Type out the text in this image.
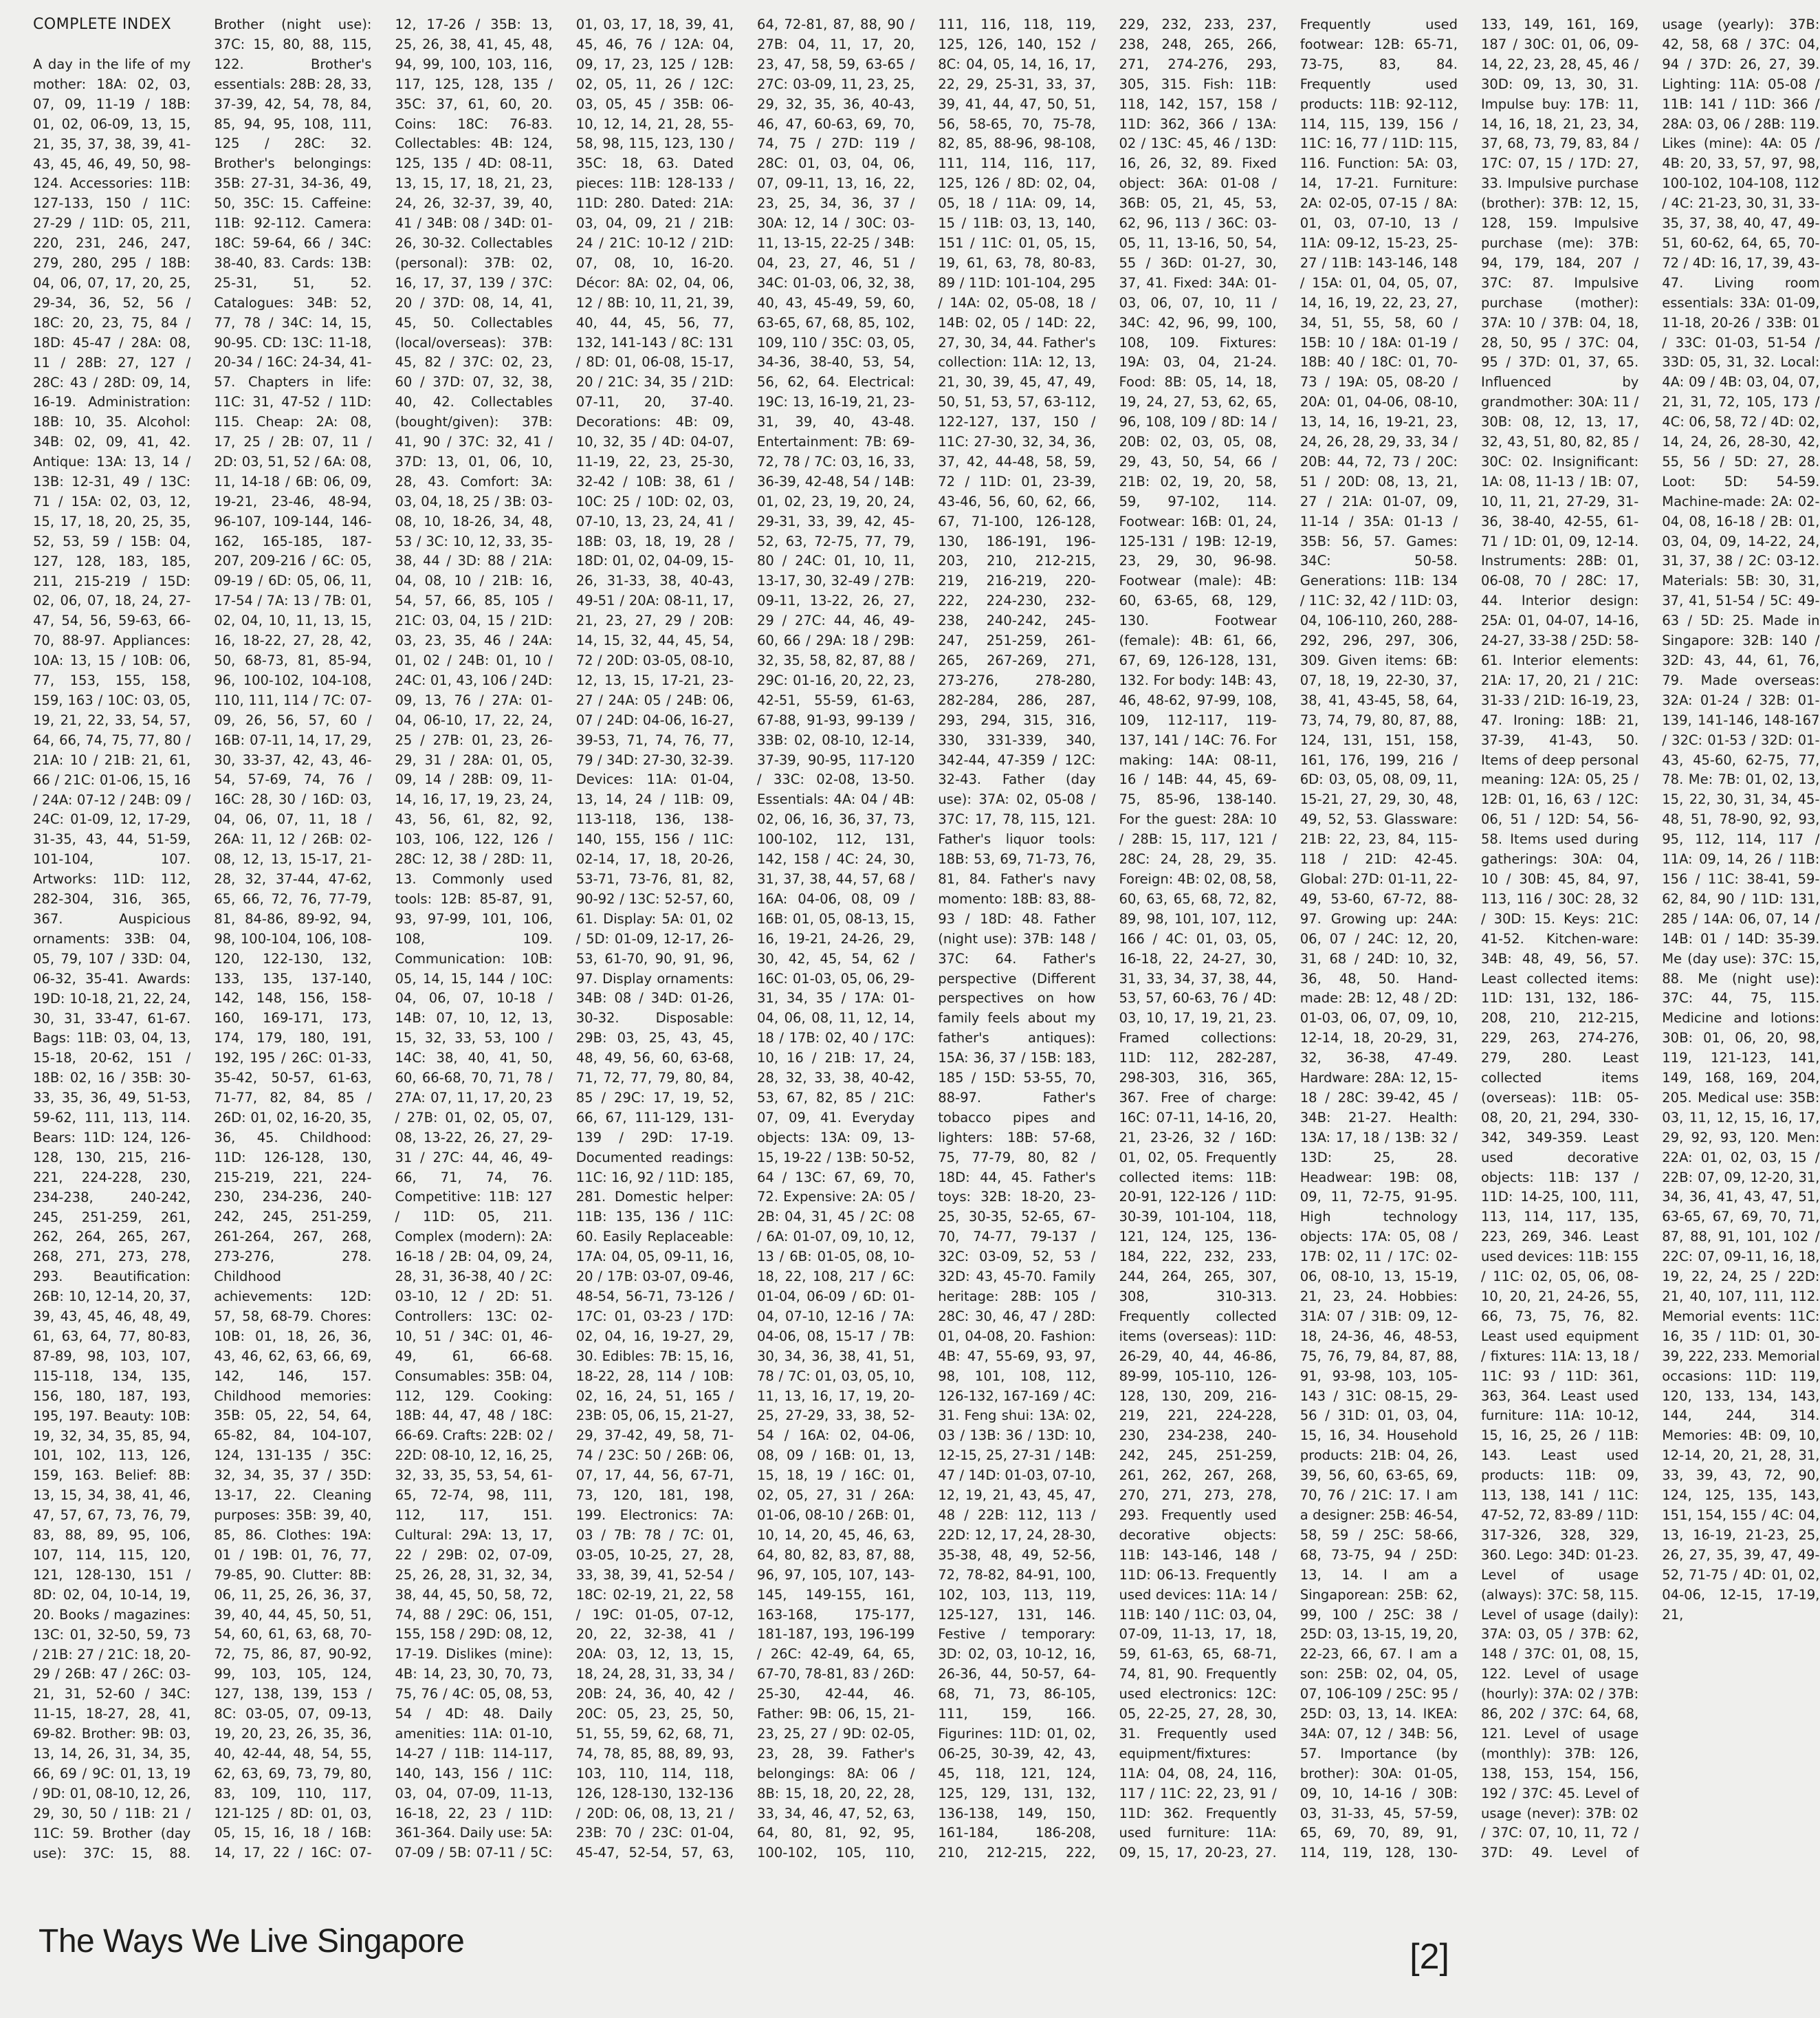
COMPLETE INDEX
A day in the life of my mother: 18A: 02, 03, 07, 09, 11-19 / 18B: 01, 02, 06-09, 13, 15, 21, 35, 37, 38, 39, 41-43, 45, 46, 49, 50, 98-124. Accessories: 11B: 127-133, 150 / 11C: 27-29 / 11D: 05, 211, 220, 231, 246, 247, 279, 280, 295 / 18B: 04, 06, 07, 17, 20, 25, 29-34, 36, 52, 56 / 18C: 20, 23, 75, 84 / 18D: 45-47 / 28A: 08, 11 / 28B: 27, 127 / 28C: 43 / 28D: 09, 14, 16-19. Administration: 18B: 10, 35. Alcohol: 34B: 02, 09, 41, 42. Antique: 13A: 13, 14 / 13B: 12-31, 49 / 13C: 71 / 15A: 02, 03, 12, 15, 17, 18, 20, 25, 35, 52, 53, 59 / 15B: 04, 127, 128, 183, 185, 211, 215-219 / 15D: 02, 06, 07, 18, 24, 27-47, 54, 56, 59-63, 66-70, 88-97. Appliances: 10A: 13, 15 / 10B: 06, 77, 153, 155, 158, 159, 163 / 10C: 03, 05, 19, 21, 22, 33, 54, 57, 64, 66, 74, 75, 77, 80 / 21A: 10 / 21B: 21, 61, 66 / 21C: 01-06, 15, 16 / 24A: 07-12 / 24B: 09 / 24C: 01-09, 12, 17-29, 31-35, 43, 44, 51-59, 101-104, 107. Artworks: 11D: 112, 282-304, 316, 365, 367. Auspicious ornaments: 33B: 04, 05, 79, 107 / 33D: 04, 06-32, 35-41. Awards: 19D: 10-18, 21, 22, 24, 30, 31, 33-47, 61-67. Bags: 11B: 03, 04, 13, 15-18, 20-62, 151 / 18B: 02, 16 / 35B: 30-33, 35, 36, 49, 51-53, 59-62, 111, 113, 114. Bears: 11D: 124, 126-128, 130, 215, 216-221, 224-228, 230, 234-238, 240-242, 245, 251-259, 261, 262, 264, 265, 267, 268, 271, 273, 278, 293. Beautification: 26B: 10, 12-14, 20, 37, 39, 43, 45, 46, 48, 49, 61, 63, 64, 77, 80-83, 87-89, 98, 103, 107, 115-118, 134, 135, 156, 180, 187, 193, 195, 197. Beauty: 10B: 19, 32, 34, 35, 85, 94, 101, 102, 113, 126, 159, 163. Belief: 8B: 13, 15, 34, 38, 41, 46, 47, 57, 67, 73, 76, 79, 83, 88, 89, 95, 106, 107, 114, 115, 120, 121, 128-130, 151 / 8D: 02, 04, 10-14, 19, 20. Books / magazines: 13C: 01, 32-50, 59, 73 / 21B: 27 / 21C: 18, 20-29 / 26B: 47 / 26C: 03-21, 31, 52-60 / 34C: 11-15, 18-27, 28, 41, 69-82. Brother: 9B: 03, 13, 14, 26, 31, 34, 35, 66, 69 / 9C: 01, 13, 19 / 9D: 01, 08-10, 12, 26, 29, 30, 50 / 11B: 21 / 11C: 59. Brother (day use): 37C: 15, 88. Brother (night use): 37C: 15, 80, 88, 115, 122. Brother's essentials: 28B: 28, 33, 37-39, 42, 54, 78, 84, 85, 94, 95, 108, 111, 125 / 28C: 32. Brother's belongings: 35B: 27-31, 34-36, 49, 50, 35C: 15. Caffeine: 11B: 92-112. Camera: 18C: 59-64, 66 / 34C: 38-40, 83. Cards: 13B: 25-31, 51, 52. Catalogues: 34B: 52, 77, 78 / 34C: 14, 15, 90-95. CD: 13C: 11-18, 20-34 / 16C: 24-34, 41-57. Chapters in life: 11C: 31, 47-52 / 11D: 115. Cheap: 2A: 08, 17, 25 / 2B: 07, 11 / 2D: 03, 51, 52 / 6A: 08, 11, 14-18 / 6B: 06, 09, 19-21, 23-46, 48-94, 96-107, 109-144, 146-162, 165-185, 187-207, 209-216 / 6C: 05, 09-19 / 6D: 05, 06, 11, 17-54 / 7A: 13 / 7B: 01, 02, 04, 10, 11, 13, 15, 16, 18-22, 27, 28, 42, 50, 68-73, 81, 85-94, 96, 100-102, 104-108, 110, 111, 114 / 7C: 07-09, 26, 56, 57, 60 / 16B: 07-11, 14, 17, 29, 30, 33-37, 42, 43, 46-54, 57-69, 74, 76 / 16C: 28, 30 / 16D: 03, 04, 06, 07, 11, 18 / 26A: 11, 12 / 26B: 02-08, 12, 13, 15-17, 21-28, 32, 37-44, 47-62, 65, 66, 72, 76, 77-79, 81, 84-86, 89-92, 94, 98, 100-104, 106, 108-120, 122-130, 132, 133, 135, 137-140, 142, 148, 156, 158-160, 169-171, 173, 174, 179, 180, 191, 192, 195 / 26C: 01-33, 35-42, 50-57, 61-63, 71-77, 82, 84, 85 / 26D: 01, 02, 16-20, 35, 36, 45. Childhood: 11D: 126-128, 130, 215-219, 221, 224-230, 234-236, 240-242, 245, 251-259, 261-264, 267, 268, 273-276, 278. Childhood achievements: 12D: 57, 58, 68-79. Chores: 10B: 01, 18, 26, 36, 43, 46, 62, 63, 66, 69, 142, 146, 157. Childhood memories: 35B: 05, 22, 54, 64, 65-82, 84, 104-107, 124, 131-135 / 35C: 32, 34, 35, 37 / 35D: 13-17, 22. Cleaning purposes: 35B: 39, 40, 85, 86. Clothes: 19A: 01 / 19B: 01, 76, 77, 79-85, 90. Clutter: 8B: 06, 11, 25, 26, 36, 37, 39, 40, 44, 45, 50, 51, 54, 60, 61, 63, 68, 70-72, 75, 86, 87, 90-92, 99, 103, 105, 124, 127, 138, 139, 153 / 8C: 03-05, 07, 09-13, 19, 20, 23, 26, 35, 36, 40, 42-44, 48, 54, 55, 62, 63, 69, 73, 79, 80, 83, 109, 110, 117, 121-125 / 8D: 01, 03, 05, 15, 16, 18 / 16B: 14, 17, 22 / 16C: 07-12, 17-26 / 35B: 13, 25, 26, 38, 41, 45, 48, 94, 99, 100, 103, 116, 117, 125, 128, 135 / 35C: 37, 61, 60, 20. Coins: 18C: 76-83. Collectables: 4B: 124, 125, 135 / 4D: 08-11, 13, 15, 17, 18, 21, 23, 24, 26, 32-37, 39, 40, 41 / 34B: 08 / 34D: 01-26, 30-32. Collectables (personal): 37B: 02, 16, 17, 37, 139 / 37C: 20 / 37D: 08, 14, 41, 45, 50. Collectables (local/overseas): 37B: 45, 82 / 37C: 02, 23, 60 / 37D: 07, 32, 38, 40, 42. Collectables (bought/given): 37B: 41, 90 / 37C: 32, 41 / 37D: 13, 01, 06, 10, 28, 43. Comfort: 3A: 03, 04, 18, 25 / 3B: 03-08, 10, 18-26, 34, 48, 53 / 3C: 10, 12, 33, 35-38, 44 / 3D: 88 / 21A: 04, 08, 10 / 21B: 16, 54, 57, 66, 85, 105 / 21C: 03, 04, 15 / 21D: 03, 23, 35, 46 / 24A: 01, 02 / 24B: 01, 10 / 24C: 01, 43, 106 / 24D: 09, 13, 76 / 27A: 01-04, 06-10, 17, 22, 24, 25 / 27B: 01, 23, 26-29, 31 / 28A: 01, 05, 09, 14 / 28B: 09, 11-14, 16, 17, 19, 23, 24, 43, 56, 61, 82, 92, 103, 106, 122, 126 / 28C: 12, 38 / 28D: 11, 13. Commonly used tools: 12B: 85-87, 91, 93, 97-99, 101, 106, 108, 109. Communication: 10B: 05, 14, 15, 144 / 10C: 04, 06, 07, 10-18 / 14B: 07, 10, 12, 13, 15, 32, 33, 53, 100 / 14C: 38, 40, 41, 50, 60, 66-68, 70, 71, 78 / 27A: 07, 11, 17, 20, 23 / 27B: 01, 02, 05, 07, 08, 13-22, 26, 27, 29-31 / 27C: 44, 46, 49-66, 71, 74, 76. Competitive: 11B: 127 / 11D: 05, 211. Complex (modern): 2A: 16-18 / 2B: 04, 09, 24, 28, 31, 36-38, 40 / 2C: 03-10, 12 / 2D: 51. Controllers: 13C: 02-10, 51 / 34C: 01, 46-49, 61, 66-68. Consumables: 35B: 04, 112, 129. Cooking: 18B: 44, 47, 48 / 18C: 66-69. Crafts: 22B: 02 / 22D: 08-10, 12, 16, 25, 32, 33, 35, 53, 54, 61-65, 72-74, 98, 111, 112, 117, 151. Cultural: 29A: 13, 17, 22 / 29B: 02, 07-09, 25, 26, 28, 31, 32, 34, 38, 44, 45, 50, 58, 72, 74, 88 / 29C: 06, 151, 155, 158 / 29D: 08, 12, 17-19. Dislikes (mine): 4B: 14, 23, 30, 70, 73, 75, 76 / 4C: 05, 08, 53, 54 / 4D: 48. Daily amenities: 11A: 01-10, 14-27 / 11B: 114-117, 140, 143, 156 / 11C: 03, 04, 07-09, 11-13, 16-18, 22, 23 / 11D: 361-364. Daily use: 5A: 07-09 / 5B: 07-11 / 5C: 01, 03, 17, 18, 39, 41, 45, 46, 76 / 12A: 04, 09, 17, 23, 125 / 12B: 02, 05, 11, 26 / 12C: 03, 05, 45 / 35B: 06-10, 12, 14, 21, 28, 55-58, 98, 115, 123, 130 / 35C: 18, 63. Dated pieces: 11B: 128-133 / 11D: 280. Dated: 21A: 03, 04, 09, 21 / 21B: 24 / 21C: 10-12 / 21D: 07, 08, 10, 16-20. Décor: 8A: 02, 04, 06, 12 / 8B: 10, 11, 21, 39, 40, 44, 45, 56, 77, 132, 141-143 / 8C: 131 / 8D: 01, 06-08, 15-17, 20 / 21C: 34, 35 / 21D: 07-11, 20, 37-40. Decorations: 4B: 09, 10, 32, 35 / 4D: 04-07, 11-19, 22, 23, 25-30, 32-42 / 10B: 38, 61 / 10C: 25 / 10D: 02, 03, 07-10, 13, 23, 24, 41 / 18B: 03, 18, 19, 28 / 18D: 01, 02, 04-09, 15-26, 31-33, 38, 40-43, 49-51 / 20A: 08-11, 17, 21, 23, 27, 29 / 20B: 14, 15, 32, 44, 45, 54, 72 / 20D: 03-05, 08-10, 12, 13, 15, 17-21, 23-27 / 24A: 05 / 24B: 06, 07 / 24D: 04-06, 16-27, 39-53, 71, 74, 76, 77, 79 / 34D: 27-30, 32-39. Devices: 11A: 01-04, 13, 14, 24 / 11B: 09, 113-118, 136, 138-140, 155, 156 / 11C: 02-14, 17, 18, 20-26, 53-71, 73-76, 81, 82, 90-92 / 13C: 52-57, 60, 61. Display: 5A: 01, 02 / 5D: 01-09, 12-17, 26-53, 61-70, 90, 91, 96, 97. Display ornaments: 34B: 08 / 34D: 01-26, 30-32. Disposable: 29B: 03, 25, 43, 45, 48, 49, 56, 60, 63-68, 71, 72, 77, 79, 80, 84, 85 / 29C: 17, 19, 52, 66, 67, 111-129, 131-139 / 29D: 17-19. Documented readings: 11C: 16, 92 / 11D: 185, 281. Domestic helper: 11B: 135, 136 / 11C: 60. Easily Replaceable: 17A: 04, 05, 09-11, 16, 20 / 17B: 03-07, 09-46, 48-54, 56-71, 73-126 / 17C: 01, 03-23 / 17D: 02, 04, 16, 19-27, 29, 30. Edibles: 7B: 15, 16, 18-22, 28, 114 / 10B: 02, 16, 24, 51, 165 / 23B: 05, 06, 15, 21-27, 29, 37-42, 49, 58, 71-74 / 23C: 50 / 26B: 06, 07, 17, 44, 56, 67-71, 73, 120, 181, 198, 199. Electronics: 7A: 03 / 7B: 78 / 7C: 01, 03-05, 10-25, 27, 28, 33, 38, 39, 41, 52-54 / 18C: 02-19, 21, 22, 58 / 19C: 01-05, 07-12, 20, 22, 32-38, 41 / 20A: 03, 12, 13, 15, 18, 24, 28, 31, 33, 34 / 20B: 24, 36, 40, 42 / 20C: 05, 23, 25, 50, 51, 55, 59, 62, 68, 71, 74, 78, 85, 88, 89, 93, 103, 110, 114, 118, 126, 128-130, 132-136 / 20D: 06, 08, 13, 21 / 23B: 70 / 23C: 01-04, 45-47, 52-54, 57, 63, 64, 72-81, 87, 88, 90 / 27B: 04, 11, 17, 20, 23, 47, 58, 59, 63-65 / 27C: 03-09, 11, 23, 25, 29, 32, 35, 36, 40-43, 46, 47, 60-63, 69, 70, 74, 75 / 27D: 119 / 28C: 01, 03, 04, 06, 07, 09-11, 13, 16, 22, 23, 25, 34, 36, 37 / 30A: 12, 14 / 30C: 03-11, 13-15, 22-25 / 34B: 04, 23, 27, 46, 51 / 34C: 01-03, 06, 32, 38, 40, 43, 45-49, 59, 60, 63-65, 67, 68, 85, 102, 109, 110 / 35C: 03, 05, 34-36, 38-40, 53, 54, 56, 62, 64. Electrical: 19C: 13, 16-19, 21, 23-31, 39, 40, 43-48. Entertainment: 7B: 69-72, 78 / 7C: 03, 16, 33, 36-39, 42-48, 54 / 14B: 01, 02, 23, 19, 20, 24, 29-31, 33, 39, 42, 45-52, 63, 72-75, 77, 79, 80 / 24C: 01, 10, 11, 13-17, 30, 32-49 / 27B: 09-11, 13-22, 26, 27, 29 / 27C: 44, 46, 49-60, 66 / 29A: 18 / 29B: 32, 35, 58, 82, 87, 88 / 29C: 01-16, 20, 22, 23, 42-51, 55-59, 61-63, 67-88, 91-93, 99-139 / 33B: 02, 08-10, 12-14, 37-39, 90-95, 117-120 / 33C: 02-08, 13-50. Essentials: 4A: 04 / 4B: 02, 06, 16, 36, 37, 73, 100-102, 112, 131, 142, 158 / 4C: 24, 30, 31, 37, 38, 44, 57, 68 / 16A: 04-06, 08, 09 / 16B: 01, 05, 08-13, 15, 16, 19-21, 24-26, 29, 30, 42, 45, 54, 62 / 16C: 01-03, 05, 06, 29-31, 34, 35 / 17A: 01-04, 06, 08, 11, 12, 14, 18 / 17B: 02, 40 / 17C: 10, 16 / 21B: 17, 24, 28, 32, 33, 38, 40-42, 53, 67, 82, 85 / 21C: 07, 09, 41. Everyday objects: 13A: 09, 13-15, 19-22 / 13B: 50-52, 64 / 13C: 67, 69, 70, 72. Expensive: 2A: 05 / 2B: 04, 31, 45 / 2C: 08 / 6A: 01-07, 09, 10, 12, 13 / 6B: 01-05, 08, 10-18, 22, 108, 217 / 6C: 01-04, 06-09 / 6D: 01-04, 07-10, 12-16 / 7A: 04-06, 08, 15-17 / 7B: 30, 34, 36, 38, 41, 51, 78 / 7C: 01, 03, 05, 10, 11, 13, 16, 17, 19, 20-25, 27-29, 33, 38, 52-54 / 16A: 02, 04-06, 08, 09 / 16B: 01, 13, 15, 18, 19 / 16C: 01, 02, 05, 27, 31 / 26A: 01-06, 08-10 / 26B: 01, 10, 14, 20, 45, 46, 63, 64, 80, 82, 83, 87, 88, 96, 97, 105, 107, 143-145, 149-155, 161, 163-168, 175-177, 181-187, 193, 196-199 / 26C: 42-49, 64, 65, 67-70, 78-81, 83 / 26D: 25-30, 42-44, 46. Father: 9B: 06, 15, 21-23, 25, 27 / 9D: 02-05, 23, 28, 39. Father's belongings: 8A: 06 / 8B: 15, 18, 20, 22, 28, 33, 34, 46, 47, 52, 63, 64, 80, 81, 92, 95, 100-102, 105, 110, 111, 116, 118, 119, 125, 126, 140, 152 / 8C: 04, 05, 14, 16, 17, 22, 29, 25-31, 33, 37, 39, 41, 44, 47, 50, 51, 56, 58-65, 70, 75-78, 82, 85, 88-96, 98-108, 111, 114, 116, 117, 125, 126 / 8D: 02, 04, 05, 18 / 11A: 09, 14, 15 / 11B: 03, 13, 140, 151 / 11C: 01, 05, 15, 19, 61, 63, 78, 80-83, 89 / 11D: 101-104, 295 / 14A: 02, 05-08, 18 / 14B: 02, 05 / 14D: 22, 27, 30, 34, 44. Father's collection: 11A: 12, 13, 21, 30, 39, 45, 47, 49, 50, 51, 53, 57, 63-112, 122-127, 137, 150 / 11C: 27-30, 32, 34, 36, 37, 42, 44-48, 58, 59, 72 / 11D: 01, 23-39, 43-46, 56, 60, 62, 66, 67, 71-100, 126-128, 130, 186-191, 196-203, 210, 212-215, 219, 216-219, 220-222, 224-230, 232-238, 240-242, 245-247, 251-259, 261-265, 267-269, 271, 273-276, 278-280, 282-284, 286, 287, 293, 294, 315, 316, 330, 331-339, 340, 342-44, 47-359 / 12C: 32-43. Father (day use): 37A: 02, 05-08 / 37C: 17, 78, 115, 121. Father's liquor tools: 18B: 53, 69, 71-73, 76, 81, 84. Father's navy momento: 18B: 83, 88-93 / 18D: 48. Father (night use): 37B: 148 / 37C: 64. Father's perspective (Different perspectives on how family feels about my father's antiques): 15A: 36, 37 / 15B: 183, 185 / 15D: 53-55, 70, 88-97. Father's tobacco pipes and lighters: 18B: 57-68, 75, 77-79, 80, 82 / 18D: 44, 45. Father's toys: 32B: 18-20, 23-25, 30-35, 52-65, 67-70, 74-77, 79-137 / 32C: 03-09, 52, 53 / 32D: 43, 45-70. Family heritage: 28B: 105 / 28C: 30, 46, 47 / 28D: 01, 04-08, 20. Fashion: 4B: 47, 55-69, 93, 97, 98, 101, 108, 112, 126-132, 167-169 / 4C: 31. Feng shui: 13A: 02, 03 / 13B: 36 / 13D: 10, 12-15, 25, 27-31 / 14B: 47 / 14D: 01-03, 07-10, 12, 19, 21, 43, 45, 47, 48 / 22B: 112, 113 / 22D: 12, 17, 24, 28-30, 35-38, 48, 49, 52-56, 72, 78-82, 84-91, 100, 102, 103, 113, 119, 125-127, 131, 146. Festive / temporary: 3D: 02, 03, 10-12, 16, 26-36, 44, 50-57, 64-68, 71, 73, 86-105, 111, 159, 166. Figurines: 11D: 01, 02, 06-25, 30-39, 42, 43, 45, 118, 121, 124, 125, 129, 131, 132, 136-138, 149, 150, 161-184, 186-208, 210, 212-215, 222, 229, 232, 233, 237, 238, 248, 265, 266, 271, 274-276, 293, 305, 315. Fish: 11B: 118, 142, 157, 158 / 11D: 362, 366 / 13A: 02 / 13C: 45, 46 / 13D: 16, 26, 32, 89. Fixed object: 36A: 01-08 / 36B: 05, 21, 45, 53, 62, 96, 113 / 36C: 03-05, 11, 13-16, 50, 54, 55 / 36D: 01-27, 30, 37, 41. Fixed: 34A: 01-03, 06, 07, 10, 11 / 34C: 42, 96, 99, 100, 108, 109. Fixtures: 19A: 03, 04, 21-24. Food: 8B: 05, 14, 18, 19, 24, 27, 53, 62, 65, 96, 108, 109 / 8D: 14 / 20B: 02, 03, 05, 08, 29, 43, 50, 54, 66 / 21B: 02, 19, 20, 58, 59, 97-102, 114. Footwear: 16B: 01, 24, 125-131 / 19B: 12-19, 23, 29, 30, 96-98. Footwear (male): 4B: 60, 63-65, 68, 129, 130. Footwear (female): 4B: 61, 66, 67, 69, 126-128, 131, 132. For body: 14B: 43, 46, 48-62, 97-99, 108, 109, 112-117, 119-137, 141 / 14C: 76. For making: 14A: 08-11, 16 / 14B: 44, 45, 69-75, 85-96, 138-140. For the guest: 28A: 10 / 28B: 15, 117, 121 / 28C: 24, 28, 29, 35. Foreign: 4B: 02, 08, 58, 60, 63, 65, 68, 72, 82, 89, 98, 101, 107, 112, 166 / 4C: 01, 03, 05, 16-18, 22, 24-27, 30, 31, 33, 34, 37, 38, 44, 53, 57, 60-63, 76 / 4D: 03, 10, 17, 19, 21, 23. Framed collections: 11D: 112, 282-287, 298-303, 316, 365, 367. Free of charge: 16C: 07-11, 14-16, 20, 21, 23-26, 32 / 16D: 01, 02, 05. Frequently collected items: 11B: 20-91, 122-126 / 11D: 30-39, 101-104, 118, 121, 124, 125, 136-184, 222, 232, 233, 244, 264, 265, 307, 308, 310-313. Frequently collected items (overseas): 11D: 26-29, 40, 44, 46-86, 89-99, 105-110, 126-128, 130, 209, 216-219, 221, 224-228, 230, 234-238, 240-242, 245, 251-259, 261, 262, 267, 268, 270, 271, 273, 278, 293. Frequently used decorative objects: 11B: 143-146, 148 / 11D: 06-13. Frequently used devices: 11A: 14 / 11B: 140 / 11C: 03, 04, 07-09, 11-13, 17, 18, 59, 61-63, 65, 68-71, 74, 81, 90. Frequently used electronics: 12C: 05, 22-25, 27, 28, 30, 31. Frequently used equipment/fixtures: 11A: 04, 08, 24, 116, 117 / 11C: 22, 23, 91 / 11D: 362. Frequently used furniture: 11A: 09, 15, 17, 20-23, 27. Frequently used footwear: 12B: 65-71, 73-75, 83, 84. Frequently used products: 11B: 92-112, 114, 115, 139, 156 / 11C: 16, 77 / 11D: 115, 116. Function: 5A: 03, 14, 17-21. Furniture: 2A: 02-05, 07-15 / 8A: 01, 03, 07-10, 13 / 11A: 09-12, 15-23, 25-27 / 11B: 143-146, 148 / 15A: 01, 04, 05, 07, 14, 16, 19, 22, 23, 27, 34, 51, 55, 58, 60 / 15B: 10 / 18A: 01-19 / 18B: 40 / 18C: 01, 70-73 / 19A: 05, 08-20 / 20A: 01, 04-06, 08-10, 13, 14, 16, 19-21, 23, 24, 26, 28, 29, 33, 34 / 20B: 44, 72, 73 / 20C: 51 / 20D: 08, 13, 21, 27 / 21A: 01-07, 09, 11-14 / 35A: 01-13 / 35B: 56, 57. Games: 34C: 50-58. Generations: 11B: 134 / 11C: 32, 42 / 11D: 03, 04, 106-110, 260, 288-292, 296, 297, 306, 309. Given items: 6B: 07, 18, 19, 22-30, 37, 38, 41, 43-45, 58, 64, 73, 74, 79, 80, 87, 88, 124, 131, 151, 158, 161, 176, 199, 216 / 6D: 03, 05, 08, 09, 11, 15-21, 27, 29, 30, 48, 49, 52, 53. Glassware: 21B: 22, 23, 84, 115-118 / 21D: 42-45. Global: 27D: 01-11, 22-49, 53-60, 67-72, 88-97. Growing up: 24A: 06, 07 / 24C: 12, 20, 31, 68 / 24D: 10, 32, 36, 48, 50. Hand-made: 2B: 12, 48 / 2D: 01-03, 06, 07, 09, 10, 12-14, 18, 20-29, 31, 32, 36-38, 47-49. Hardware: 28A: 12, 15-18 / 28C: 39-42, 45 / 34B: 21-27. Health: 13A: 17, 18 / 13B: 32 / 13D: 25, 28. Headwear: 19B: 08, 09, 11, 72-75, 91-95. High technology objects: 17A: 05, 08 / 17B: 02, 11 / 17C: 02-06, 08-10, 13, 15-19, 21, 23, 24. Hobbies: 31A: 07 / 31B: 09, 12-18, 24-36, 46, 48-53, 75, 76, 79, 84, 87, 88, 91, 93-98, 103, 105-143 / 31C: 08-15, 29-56 / 31D: 01, 03, 04, 15, 16, 34. Household products: 21B: 04, 26, 39, 56, 60, 63-65, 69, 70, 76 / 21C: 17. I am a designer: 25B: 46-54, 58, 59 / 25C: 58-66, 68, 73-75, 94 / 25D: 13, 14. I am a Singaporean: 25B: 62, 99, 100 / 25C: 38 / 25D: 03, 13-15, 19, 20, 22-23, 66, 67. I am a son: 25B: 02, 04, 05, 07, 106-109 / 25C: 95 / 25D: 03, 13, 14. IKEA: 34A: 07, 12 / 34B: 56, 57. Importance (by brother): 30A: 01-05, 09, 10, 14-16 / 30B: 03, 31-33, 45, 57-59, 65, 69, 70, 89, 91, 114, 119, 128, 130-133, 149, 161, 169, 187 / 30C: 01, 06, 09-14, 22, 23, 28, 45, 46 / 30D: 09, 13, 30, 31. Impulse buy: 17B: 11, 14, 16, 18, 21, 23, 34, 37, 68, 73, 79, 83, 84 / 17C: 07, 15 / 17D: 27, 33. Impulsive purchase (brother): 37B: 12, 15, 128, 159. Impulsive purchase (me): 37B: 94, 179, 184, 207 / 37C: 87. Impulsive purchase (mother): 37A: 10 / 37B: 04, 18, 28, 50, 95 / 37C: 04, 95 / 37D: 01, 37, 65. Influenced by grandmother: 30A: 11 / 30B: 08, 12, 13, 17, 32, 43, 51, 80, 82, 85 / 30C: 02. Insignificant: 1A: 08, 11-13 / 1B: 07, 10, 11, 21, 27-29, 31-36, 38-40, 42-55, 61-71 / 1D: 01, 09, 12-14. Instruments: 28B: 01, 06-08, 70 / 28C: 17, 44. Interior design: 25A: 01, 04-07, 14-16, 24-27, 33-38 / 25D: 58-61. Interior elements: 21A: 17, 20, 21 / 21C: 31-33 / 21D: 16-19, 23, 47. Ironing: 18B: 21, 37-39, 41-43, 50. Items of deep personal meaning: 12A: 05, 25 / 12B: 01, 16, 63 / 12C: 06, 51 / 12D: 54, 56-58. Items used during gatherings: 30A: 04, 10 / 30B: 45, 84, 97, 113, 116 / 30C: 28, 32 / 30D: 15. Keys: 21C: 41-52. Kitchen-ware: 34B: 48, 49, 56, 57. Least collected items: 11D: 131, 132, 186-208, 210, 212-215, 229, 263, 274-276, 279, 280. Least collected items (overseas): 11B: 05-08, 20, 21, 294, 330-342, 349-359. Least used decorative objects: 11B: 137 / 11D: 14-25, 100, 111, 113, 114, 117, 135, 223, 269, 346. Least used devices: 11B: 155 / 11C: 02, 05, 06, 08-10, 20, 21, 24-26, 55, 66, 73, 75, 76, 82. Least used equipment / fixtures: 11A: 13, 18 / 11C: 93 / 11D: 361, 363, 364. Least used furniture: 11A: 10-12, 15, 16, 25, 26 / 11B: 143. Least used products: 11B: 09, 113, 138, 141 / 11C: 47-52, 72, 83-89 / 11D: 317-326, 328, 329, 360. Lego: 34D: 01-23. Level of usage (always): 37C: 58, 115. Level of usage (daily): 37A: 03, 05 / 37B: 62, 148 / 37C: 01, 08, 15, 122. Level of usage (hourly): 37A: 02 / 37B: 86, 202 / 37C: 64, 68, 121. Level of usage (monthly): 37B: 126, 138, 153, 154, 156, 192 / 37C: 45. Level of usage (never): 37B: 02 / 37C: 07, 10, 11, 72 / 37D: 49. Level of usage (yearly): 37B: 42, 58, 68 / 37C: 04, 94 / 37D: 26, 27, 39. Lighting: 11A: 05-08 / 11B: 141 / 11D: 366 / 28A: 03, 06 / 28B: 119. Likes (mine): 4A: 05 / 4B: 20, 33, 57, 97, 98, 100-102, 104-108, 112 / 4C: 21-23, 30, 31, 33-35, 37, 38, 40, 47, 49-51, 60-62, 64, 65, 70-72 / 4D: 16, 17, 39, 43-47. Living room essentials: 33A: 01-09, 11-18, 20-26 / 33B: 01 / 33C: 01-03, 51-54 / 33D: 05, 31, 32. Local: 4A: 09 / 4B: 03, 04, 07, 21, 31, 72, 105, 173 / 4C: 06, 58, 72 / 4D: 02, 14, 24, 26, 28-30, 42, 55, 56 / 5D: 27, 28. Loot: 5D: 54-59. Machine-made: 2A: 02-04, 08, 16-18 / 2B: 01, 03, 04, 09, 14-22, 24, 31, 37, 38 / 2C: 03-12. Materials: 5B: 30, 31, 37, 41, 51-54 / 5C: 49-63 / 5D: 25. Made in Singapore: 32B: 140 / 32D: 43, 44, 61, 76, 79. Made overseas: 32A: 01-24 / 32B: 01-139, 141-146, 148-167 / 32C: 01-53 / 32D: 01-43, 45-60, 62-75, 77, 78. Me: 7B: 01, 02, 13, 15, 22, 30, 31, 34, 45-48, 51, 78-90, 92, 93, 95, 112, 114, 117 / 11A: 09, 14, 26 / 11B: 156 / 11C: 38-41, 59-62, 84, 90 / 11D: 131, 285 / 14A: 06, 07, 14 / 14B: 01 / 14D: 35-39. Me (day use): 37C: 15, 88. Me (night use): 37C: 44, 75, 115. Medicine and lotions: 30B: 01, 06, 20, 98, 119, 121-123, 141, 149, 168, 169, 204, 205. Medical use: 35B: 03, 11, 12, 15, 16, 17, 29, 92, 93, 120. Men: 22A: 01, 02, 03, 15 / 22B: 07, 09, 12-20, 31, 34, 36, 41, 43, 47, 51, 63-65, 67, 69, 70, 71, 87, 88, 91, 101, 102 / 22C: 07, 09-11, 16, 18, 19, 22, 24, 25 / 22D: 21, 40, 107, 111, 112. Memorial events: 11C: 16, 35 / 11D: 01, 30-39, 222, 233. Memorial occasions: 11D: 119, 120, 133, 134, 143, 144, 244, 314. Memories: 4B: 09, 10, 12-14, 20, 21, 28, 31, 33, 39, 43, 72, 90, 124, 125, 135, 143, 151, 154, 155 / 4C: 04, 13, 16-19, 21-23, 25, 26, 27, 35, 39, 47, 49-52, 71-75 / 4D: 01, 02, 04-06, 12-15, 17-19, 21,
The Ways We Live Singapore	[2]
